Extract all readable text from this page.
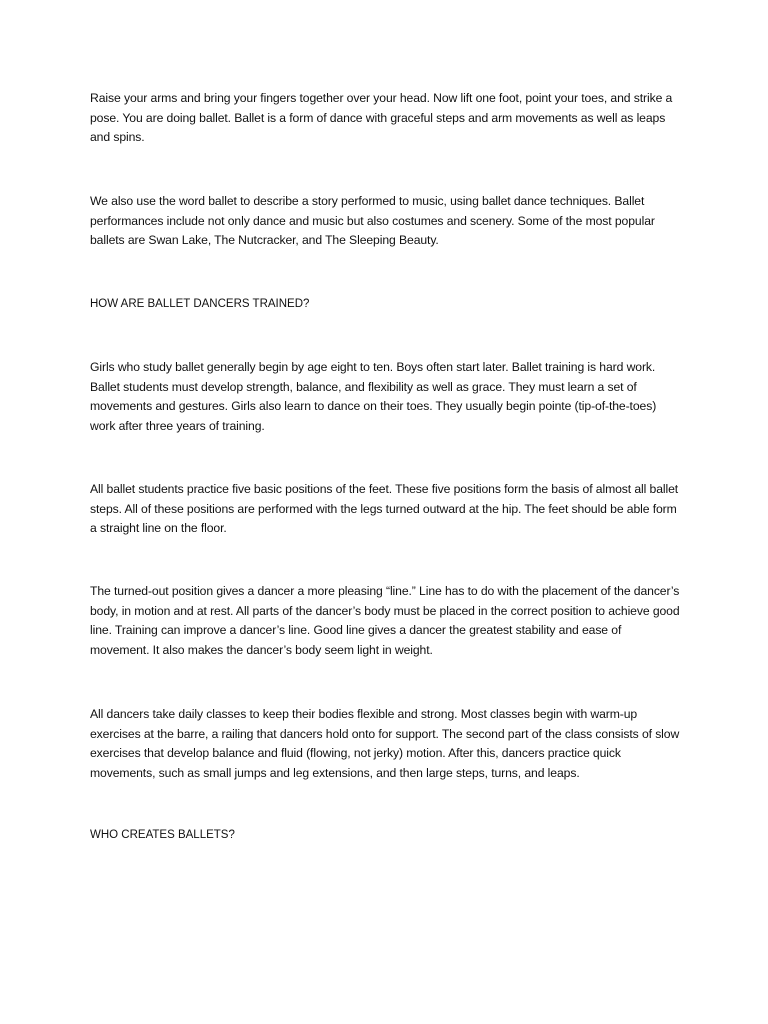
Raise your arms and bring your fingers together over your head. Now lift one foot, point your toes, and strike a pose. You are doing ballet. Ballet is a form of dance with graceful steps and arm movements as well as leaps and spins.

We also use the word ballet to describe a story performed to music, using ballet dance techniques. Ballet performances include not only dance and music but also costumes and scenery. Some of the most popular ballets are Swan Lake, The Nutcracker, and The Sleeping Beauty.

HOW ARE BALLET DANCERS TRAINED?

Girls who study ballet generally begin by age eight to ten. Boys often start later. Ballet training is hard work. Ballet students must develop strength, balance, and flexibility as well as grace. They must learn a set of movements and gestures. Girls also learn to dance on their toes. They usually begin pointe (tip-of-the-toes) work after three years of training.

All ballet students practice five basic positions of the feet. These five positions form the basis of almost all ballet steps. All of these positions are performed with the legs turned outward at the hip. The feet should be able form a straight line on the floor.

The turned-out position gives a dancer a more pleasing “line.” Line has to do with the placement of the dancer’s body, in motion and at rest. All parts of the dancer’s body must be placed in the correct position to achieve good line. Training can improve a dancer’s line. Good line gives a dancer the greatest stability and ease of movement. It also makes the dancer’s body seem light in weight.

All dancers take daily classes to keep their bodies flexible and strong. Most classes begin with warm-up exercises at the barre, a railing that dancers hold onto for support. The second part of the class consists of slow exercises that develop balance and fluid (flowing, not jerky) motion. After this, dancers practice quick movements, such as small jumps and leg extensions, and then large steps, turns, and leaps.

WHO CREATES BALLETS?
